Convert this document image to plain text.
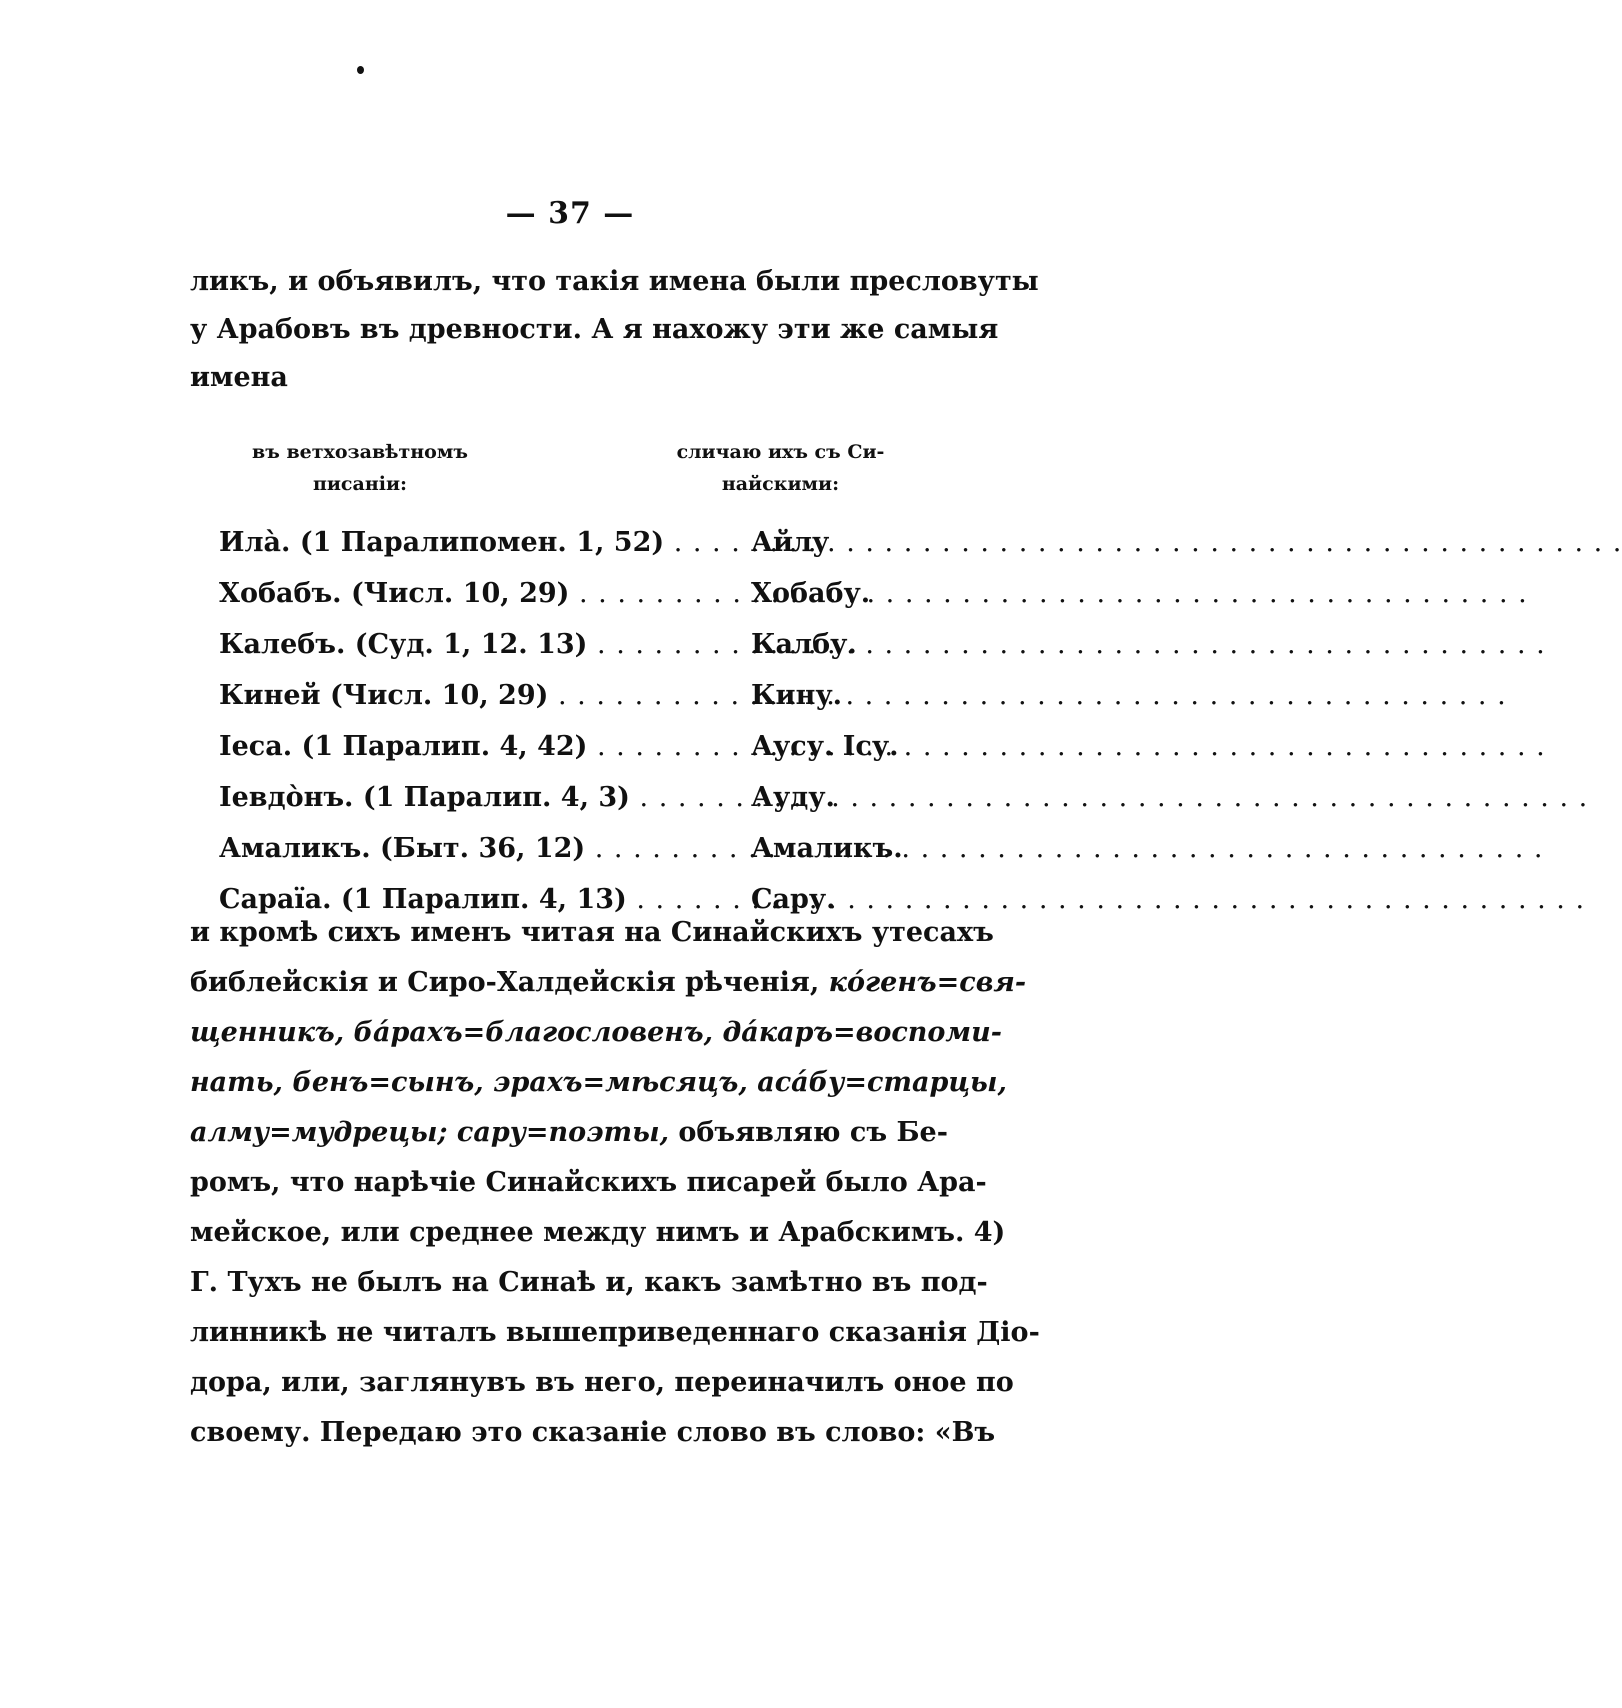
— 37 —
ликъ, и объявилъ, что такія имена были пресловуты
у Арабовъ въ древности. А я нахожу эти же самыя
имена
въ ветхозавѣтномъ
писаніи:
сличаю ихъ съ Си-
найскими:
Илà. (1 Паралипомен. 1, 52) . . .	Айлу
Хобабъ. (Числ. 10, 29) . . .	Хобабу.
Калебъ. (Суд. 1, 12. 13) . . .	Калбу.
Киней (Числ. 10, 29) . . .	Кину.
Іеса. (1 Паралип. 4, 42) . . .	Аусу. Ісу.
Іевдòнъ. (1 Паралип. 4, 3) . . .	Ауду.
Амаликъ. (Быт. 36, 12) . . .	Амаликъ.
Сараïа. (1 Паралип. 4, 13) . . .	Сару.
и кромѣ сихъ именъ читая на Синайскихъ утесахъ
библейскія и Сиро-Халдейскія рѣченія, кóгенъ=свя-
щенникъ, бáрахъ=благословенъ, дáкаръ=воспоми-
нать, бенъ=сынъ, эрахъ=мѣсяцъ, асáбу=старцы,
алму=мудрецы; сару=поэты, объявляю съ Бе-
ромъ, что нарѣчіе Синайскихъ писарей было Ара-
мейское, или среднее между нимъ и Арабскимъ. 4)
Г. Тухъ не былъ на Синаѣ и, какъ замѣтно въ под-
линникѣ не читалъ вышеприведеннаго сказанія Діо-
дора, или, заглянувъ въ него, переиначилъ оное по
своему. Передаю это сказаніе слово въ слово: «Въ
